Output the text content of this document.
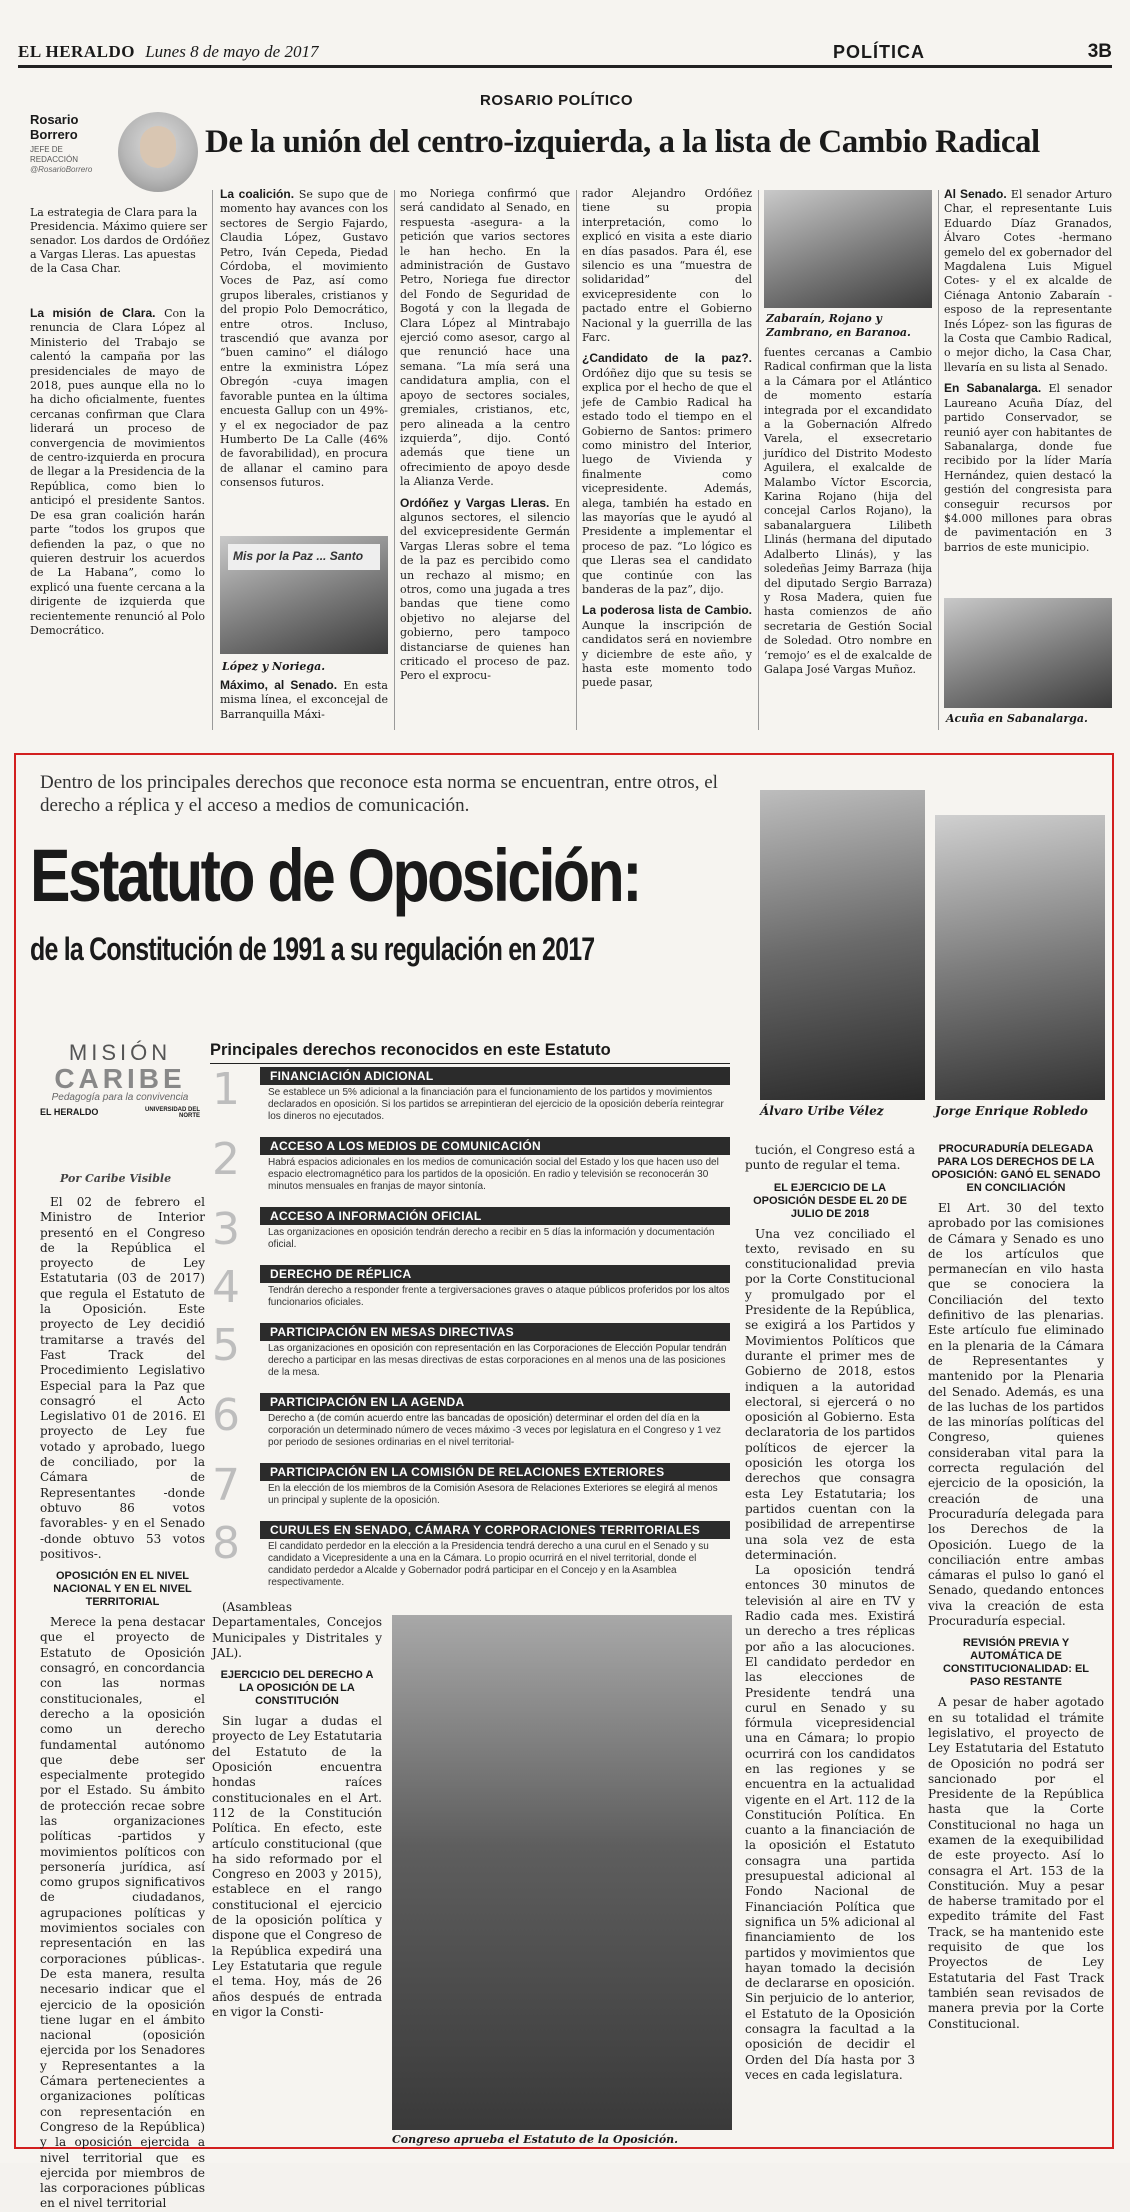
EL HERALDO Lunes 8 de mayo de 2017	POLÍTICA	3B
ROSARIO POLÍTICO
Rosario Borrero
JEFE DE REDACCIÓN
@RosarioBorrero
De la unión del centro-izquierda, a la lista de Cambio Radical
La estrategia de Clara para la Presidencia. Máximo quiere ser senador. Los dardos de Ordóñez a Vargas Lleras. Las apuestas de la Casa Char.

La misión de Clara. Con la renuncia de Clara López al Ministerio del Trabajo se calentó la campaña por las presidenciales de mayo de 2018, pues aunque ella no lo ha dicho oficialmente, fuentes cercanas confirman que Clara liderará un proceso de convergencia de movimientos de centro-izquierda en procura de llegar a la Presidencia de la República, como bien lo anticipó el presidente Santos. De esa gran coalición harán parte “todos los grupos que defienden la paz, o que no quieren destruir los acuerdos de La Habana”, como lo explicó una fuente cercana a la dirigente de izquierda que recientemente renunció al Polo Democrático.

La coalición. Se supo que de momento hay avances con los sectores de Sergio Fajardo, Claudia López, Gustavo Petro, Iván Cepeda, Piedad Córdoba, el movimiento Voces de Paz, así como grupos liberales, cristianos y del propio Polo Democrático, entre otros. Incluso, trascendió que avanza por “buen camino” el diálogo entre la exministra López Obregón -cuya imagen favorable puntea en la última encuesta Gallup con un 49%- y el ex negociador de paz Humberto De La Calle (46% de favorabilidad), en procura de allanar el camino para consensos futuros.

Mis por la Paz ... Santo
López y Noriega.

Máximo, al Senado. En esta misma línea, el exconcejal de Barranquilla Máxi-

mo Noriega confirmó que será candidato al Senado, en respuesta -asegura- a la petición que varios sectores le han hecho. En la administración de Gustavo Petro, Noriega fue director del Fondo de Seguridad de Bogotá y con la llegada de Clara López al Mintrabajo ejerció como asesor, cargo al que renunció hace una semana. “La mía será una candidatura amplia, con el apoyo de sectores sociales, gremiales, cristianos, etc, pero alineada a la centro izquierda”, dijo. Contó además que tiene un ofrecimiento de apoyo desde la Alianza Verde.

Ordóñez y Vargas Lleras. En algunos sectores, el silencio del exvicepresidente Germán Vargas Lleras sobre el tema de la paz es percibido como un rechazo al mismo; en otros, como una jugada a tres bandas que tiene como objetivo no alejarse del gobierno, pero tampoco distanciarse de quienes han criticado el proceso de paz. Pero el exprocu-

rador Alejandro Ordóñez tiene su propia interpretación, como lo explicó en visita a este diario en días pasados. Para él, ese silencio es una “muestra de solidaridad” del exvicepresidente con lo pactado entre el Gobierno Nacional y la guerrilla de las Farc.

¿Candidato de la paz?. Ordóñez dijo que su tesis se explica por el hecho de que el jefe de Cambio Radical ha estado todo el tiempo en el Gobierno de Santos: primero como ministro del Interior, luego de Vivienda y finalmente como vicepresidente. Además, alega, también ha estado en las mayorías que le ayudó al Presidente a implementar el proceso de paz. “Lo lógico es que Lleras sea el candidato que continúe con las banderas de la paz”, dijo.

La poderosa lista de Cambio. Aunque la inscripción de candidatos será en noviembre y diciembre de este año, y hasta este momento todo puede pasar,

Zabaraín, Rojano y Zambrano, en Baranoa.

fuentes cercanas a Cambio Radical confirman que la lista a la Cámara por el Atlántico de momento estaría integrada por el excandidato a la Gobernación Alfredo Varela, el exsecretario jurídico del Distrito Modesto Aguilera, el exalcalde de Malambo Víctor Escorcia, Karina Rojano (hija del concejal Carlos Rojano), la sabanalarguera Lilibeth Llinás (hermana del diputado Adalberto Llinás), y las soledeñas Jeimy Barraza (hija del diputado Sergio Barraza) y Rosa Madera, quien fue hasta comienzos de año secretaria de Gestión Social de Soledad. Otro nombre en ‘remojo’ es el de exalcalde de Galapa José Vargas Muñoz.

Al Senado. El senador Arturo Char, el representante Luis Eduardo Díaz Granados, Álvaro Cotes -hermano gemelo del ex gobernador del Magdalena Luis Miguel Cotes- y el ex alcalde de Ciénaga Antonio Zabaraín -esposo de la representante Inés López- son las figuras de la Costa que Cambio Radical, o mejor dicho, la Casa Char, llevaría en su lista al Senado.

En Sabanalarga. El senador Laureano Acuña Díaz, del partido Conservador, se reunió ayer con habitantes de Sabanalarga, donde fue recibido por la líder María Hernández, quien destacó la gestión del congresista para conseguir recursos por $4.000 millones para obras de pavimentación en 3 barrios de este municipio.

Acuña en Sabanalarga.
Dentro de los principales derechos que reconoce esta norma se encuentran, entre otros, el derecho a réplica y el acceso a medios de comunicación.
Estatuto de Oposición:
de la Constitución de 1991 a su regulación en 2017
Álvaro Uribe Vélez	Jorge Enrique Robledo
MISIÓN
CARIBE
Pedagogía para la convivencia
EL HERALDO	UNIVERSIDAD DEL NORTE
Principales derechos reconocidos en este Estatuto
1	FINANCIACIÓN ADICIONAL
Se establece un 5% adicional a la financiación para el funcionamiento de los partidos y movimientos declarados en oposición. Si los partidos se arrepintieran del ejercicio de la oposición debería reintegrar los dineros no ejecutados.
2	ACCESO A LOS MEDIOS DE COMUNICACIÓN
Habrá espacios adicionales en los medios de comunicación social del Estado y los que hacen uso del espacio electromagnético para los partidos de la oposición. En radio y televisión se reconocerán 30 minutos mensuales en franjas de mayor sintonía.
3	ACCESO A INFORMACIÓN OFICIAL
Las organizaciones en oposición tendrán derecho a recibir en 5 días la información y documentación oficial.
4	DERECHO DE RÉPLICA
Tendrán derecho a responder frente a tergiversaciones graves o ataque públicos proferidos por los altos funcionarios oficiales.
5	PARTICIPACIÓN EN MESAS DIRECTIVAS
Las organizaciones en oposición con representación en las Corporaciones de Elección Popular tendrán derecho a participar en las mesas directivas de estas corporaciones en al menos una de las posiciones de la mesa.
6	PARTICIPACIÓN EN LA AGENDA
Derecho a (de común acuerdo entre las bancadas de oposición) determinar el orden del día en la corporación un determinado número de veces máximo -3 veces por legislatura en el Congreso y 1 vez por periodo de sesiones ordinarias en el nivel territorial-
7	PARTICIPACIÓN EN LA COMISIÓN DE RELACIONES EXTERIORES
En la elección de los miembros de la Comisión Asesora de Relaciones Exteriores se elegirá al menos un principal y suplente de la oposición.
8	CURULES EN SENADO, CÁMARA Y CORPORACIONES TERRITORIALES
El candidato perdedor en la elección a la Presidencia tendrá derecho a una curul en el Senado y su candidato a Vicepresidente a una en la Cámara. Lo propio ocurrirá en el nivel territorial, donde el candidato perdedor a Alcalde y Gobernador podrá participar en el Concejo y en la Asamblea respectivamente.
Por Caribe Visible

El 02 de febrero el Ministro de Interior presentó en el Congreso de la República el proyecto de Ley Estatutaria (03 de 2017) que regula el Estatuto de la Oposición. Este proyecto de Ley decidió tramitarse a través del Fast Track del Procedimiento Legislativo Especial para la Paz que consagró el Acto Legislativo 01 de 2016. El proyecto de Ley fue votado y aprobado, luego de conciliado, por la Cámara de Representantes -donde obtuvo 86 votos favorables- y en el Senado -donde obtuvo 53 votos positivos-.

OPOSICIÓN EN EL NIVEL NACIONAL Y EN EL NIVEL TERRITORIAL

Merece la pena destacar que el proyecto de Estatuto de Oposición consagró, en concordancia con las normas constitucionales, el derecho a la oposición como un derecho fundamental autónomo que debe ser especialmente protegido por el Estado. Su ámbito de protección recae sobre las organizaciones políticas -partidos y movimientos políticos con personería jurídica, así como grupos significativos de ciudadanos, agrupaciones políticas y movimientos sociales con representación en las corporaciones públicas-. De esta manera, resulta necesario indicar que el ejercicio de la oposición tiene lugar en el ámbito nacional (oposición ejercida por los Senadores y Representantes a la Cámara pertenecientes a organizaciones políticas con representación en Congreso de la República) y la oposición ejercida a nivel territorial que es ejercida por miembros de las corporaciones públicas en el nivel territorial

(Asambleas Departamentales, Concejos Municipales y Distritales y JAL).

EJERCICIO DEL DERECHO A LA OPOSICIÓN DE LA CONSTITUCIÓN

Sin lugar a dudas el proyecto de Ley Estatutaria del Estatuto de la Oposición encuentra hondas raíces constitucionales en el Art. 112 de la Constitución Política. En efecto, este artículo constitucional (que ha sido reformado por el Congreso en 2003 y 2015), establece en el rango constitucional el ejercicio de la oposición política y dispone que el Congreso de la República expedirá una Ley Estatutaria que regule el tema. Hoy, más de 26 años después de entrada en vigor la Consti-

Congreso aprueba el Estatuto de la Oposición.

tución, el Congreso está a punto de regular el tema.

EL EJERCICIO DE LA OPOSICIÓN DESDE EL 20 DE JULIO DE 2018

Una vez conciliado el texto, revisado en su constitucionalidad previa por la Corte Constitucional y promulgado por el Presidente de la República, se exigirá a los Partidos y Movimientos Políticos que durante el primer mes de Gobierno de 2018, estos indiquen a la autoridad electoral, si ejercerá o no oposición al Gobierno. Esta declaratoria de los partidos políticos de ejercer la oposición les otorga los derechos que consagra esta Ley Estatutaria; los partidos cuentan con la posibilidad de arrepentirse una sola vez de esta determinación.

La oposición tendrá entonces 30 minutos de televisión al aire en TV y Radio cada mes. Existirá un derecho a tres réplicas por año a las alocuciones. El candidato perdedor en las elecciones de Presidente tendrá una curul en Senado y su fórmula vicepresidencial una en Cámara; lo propio ocurrirá con los candidatos en las regiones y se encuentra en la actualidad vigente en el Art. 112 de la Constitución Política. En cuanto a la financiación de la oposición el Estatuto consagra una partida presupuestal adicional al Fondo Nacional de Financiación Política que significa un 5% adicional al financiamiento de los partidos y movimientos que hayan tomado la decisión de declararse en oposición. Sin perjuicio de lo anterior, el Estatuto de la Oposición consagra la facultad a la oposición de decidir el Orden del Día hasta por 3 veces en cada legislatura.

PROCURADURÍA DELEGADA PARA LOS DERECHOS DE LA OPOSICIÓN: GANÓ EL SENADO EN CONCILIACIÓN

El Art. 30 del texto aprobado por las comisiones de Cámara y Senado es uno de los artículos que permanecían en vilo hasta que se conociera la Conciliación del texto definitivo de las plenarias. Este artículo fue eliminado en la plenaria de la Cámara de Representantes y mantenido por la Plenaria del Senado. Además, es una de las luchas de los partidos de las minorías políticas del Congreso, quienes consideraban vital para la correcta regulación del ejercicio de la oposición, la creación de una Procuraduría delegada para los Derechos de la Oposición. Luego de la conciliación entre ambas cámaras el pulso lo ganó el Senado, quedando entonces viva la creación de esta Procuraduría especial.

REVISIÓN PREVIA Y AUTOMÁTICA DE CONSTITUCIONALIDAD: EL PASO RESTANTE

A pesar de haber agotado en su totalidad el trámite legislativo, el proyecto de Ley Estatutaria del Estatuto de Oposición no podrá ser sancionado por el Presidente de la República hasta que la Corte Constitucional no haga un examen de la exequibilidad de este proyecto. Así lo consagra el Art. 153 de la Constitución. Muy a pesar de haberse tramitado por el expedito trámite del Fast Track, se ha mantenido este requisito de que los Proyectos de Ley Estatutaria del Fast Track también sean revisados de manera previa por la Corte Constitucional.
